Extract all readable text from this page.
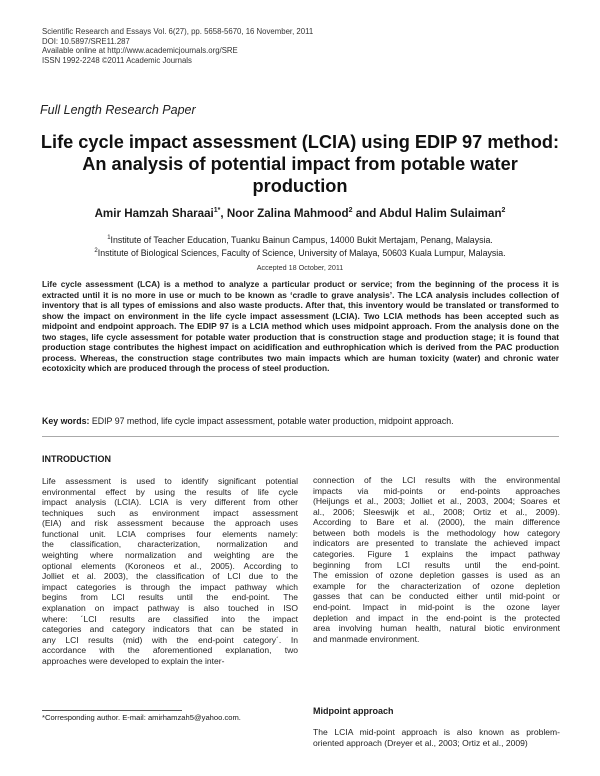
Scientific Research and Essays Vol. 6(27), pp. 5658-5670, 16 November, 2011
DOI: 10.5897/SRE11.287
Available online at http://www.academicjournals.org/SRE
ISSN 1992-2248 ©2011 Academic Journals
Full Length Research Paper
Life cycle impact assessment (LCIA) using EDIP 97 method: An analysis of potential impact from potable water production
Amir Hamzah Sharaai$^{1*}$, Noor Zalina Mahmood$^2$ and Abdul Halim Sulaiman$^2$
$^1$Institute of Teacher Education, Tuanku Bainun Campus, 14000 Bukit Mertajam, Penang, Malaysia.
$^2$Institute of Biological Sciences, Faculty of Science, University of Malaya, 50603 Kuala Lumpur, Malaysia.
Accepted 18 October, 2011
Life cycle assessment (LCA) is a method to analyze a particular product or service; from the beginning of the process it is extracted until it is no more in use or much to be known as ‘cradle to grave analysis’. The LCA analysis includes collection of inventory that is all types of emissions and also waste products. After that, this inventory would be translated or transformed to show the impact on environment in the life cycle impact assessment (LCIA). Two LCIA methods has been accepted such as midpoint and endpoint approach. The EDIP 97 is a LCIA method which uses midpoint approach. From the analysis done on the two stages, life cycle assessment for potable water production that is construction stage and production stage; it is found that production stage contributes the highest impact on acidification and euthrophication which is derived from the PAC production process. Whereas, the construction stage contributes two main impacts which are human toxicity (water) and chronic water ecotoxicity which are produced through the process of steel production.
Key words: EDIP 97 method, life cycle impact assessment, potable water production, midpoint approach.
INTRODUCTION
Life assessment is used to identify significant potential
environmental effect by using the results of life cycle
impact analysis (LCIA). LCIA is very different from other
techniques such as environment impact assessment
(EIA) and risk assessment because the approach uses
functional unit. LCIA comprises four elements namely:
the classification, characterization, normalization and
weighting where normalization and weighting are the
optional elements (Koroneos et al., 2005). According to
Jolliet et al. 2003), the classification of LCI due to the
impact categories is through the impact pathway which
begins from LCI results until the end-point. The
explanation on impact pathway is also touched in ISO
where: ´LCI results are classified into the impact
categories and category indicators that can be stated in
any LCI results (mid) with the end-point category´. In
accordance with the aforementioned explanation, two
approaches were developed to explain the inter-
connection of the LCI results with the environmental
impacts via mid-points or end-points approaches
(Heijungs et al., 2003; Jolliet et al., 2003, 2004; Soares et
al., 2006; Sleeswijk et al., 2008; Ortiz et al., 2009).
According to Bare et al. (2000), the main difference
between both models is the methodology how category
indicators are presented to translate the achieved impact
categories. Figure 1 explains the impact pathway
beginning from LCI results until the end-point.
The emission of ozone depletion gasses is used as an
example for the characterization of ozone depletion
gasses that can be conducted either until mid-point or
end-point. Impact in mid-point is the ozone layer
depletion and impact in the end-point is the protected
area involving human health, natural biotic environment
and manmade environment.
Midpoint approach
The LCIA mid-point approach is also known as problem-
oriented approach (Dreyer et al., 2003; Ortiz et al., 2009)
*Corresponding author. E-mail: amirhamzah5@yahoo.com.
